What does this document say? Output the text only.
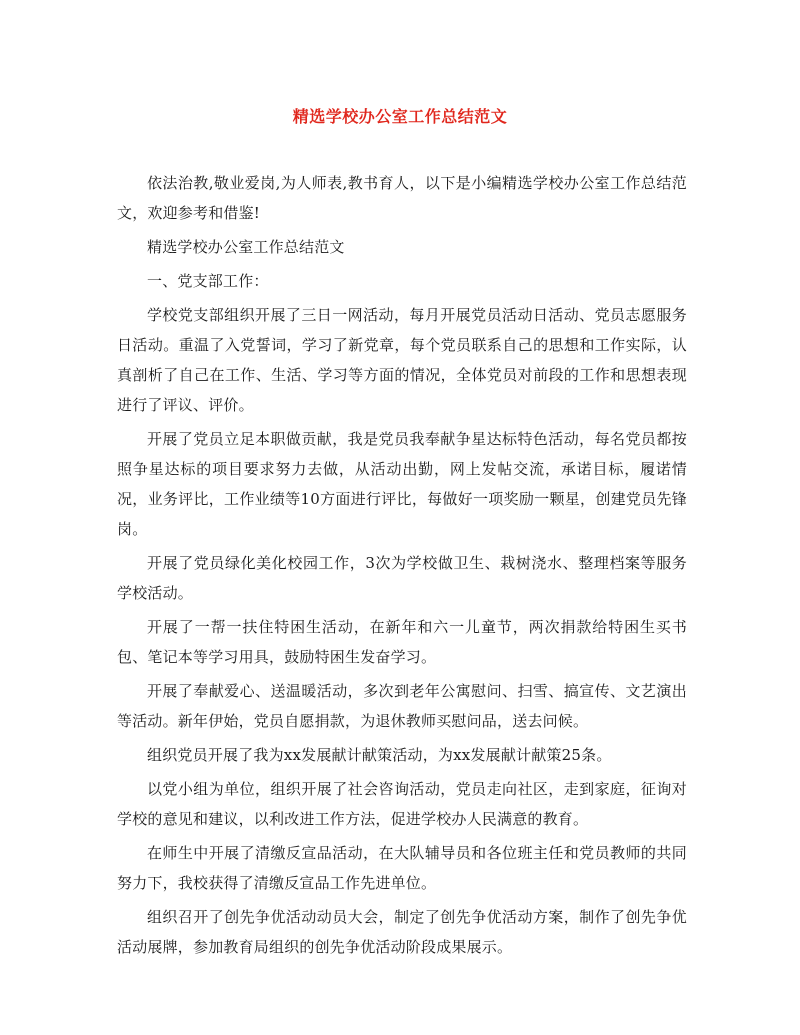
精选学校办公室工作总结范文

依法治教,敬业爱岗,为人师表,教书育人，以下是小编精选学校办公室工作总结范文，欢迎参考和借鉴!

精选学校办公室工作总结范文

一、党支部工作：

学校党支部组织开展了三日一网活动，每月开展党员活动日活动、党员志愿服务日活动。重温了入党誓词，学习了新党章，每个党员联系自己的思想和工作实际，认真剖析了自己在工作、生活、学习等方面的情况，全体党员对前段的工作和思想表现进行了评议、评价。

开展了党员立足本职做贡献，我是党员我奉献争星达标特色活动，每名党员都按照争星达标的项目要求努力去做，从活动出勤，网上发帖交流，承诺目标，履诺情况，业务评比，工作业绩等10方面进行评比，每做好一项奖励一颗星，创建党员先锋岗。

开展了党员绿化美化校园工作，3次为学校做卫生、栽树浇水、整理档案等服务学校活动。

开展了一帮一扶住特困生活动，在新年和六一儿童节，两次捐款给特困生买书包、笔记本等学习用具，鼓励特困生发奋学习。

开展了奉献爱心、送温暖活动，多次到老年公寓慰问、扫雪、搞宣传、文艺演出等活动。新年伊始，党员自愿捐款，为退休教师买慰问品，送去问候。

组织党员开展了我为xx发展献计献策活动，为xx发展献计献策25条。

以党小组为单位，组织开展了社会咨询活动，党员走向社区，走到家庭，征询对学校的意见和建议，以利改进工作方法，促进学校办人民满意的教育。

在师生中开展了清缴反宣品活动，在大队辅导员和各位班主任和党员教师的共同努力下，我校获得了清缴反宣品工作先进单位。

组织召开了创先争优活动动员大会，制定了创先争优活动方案，制作了创先争优活动展牌，参加教育局组织的创先争优活动阶段成果展示。
